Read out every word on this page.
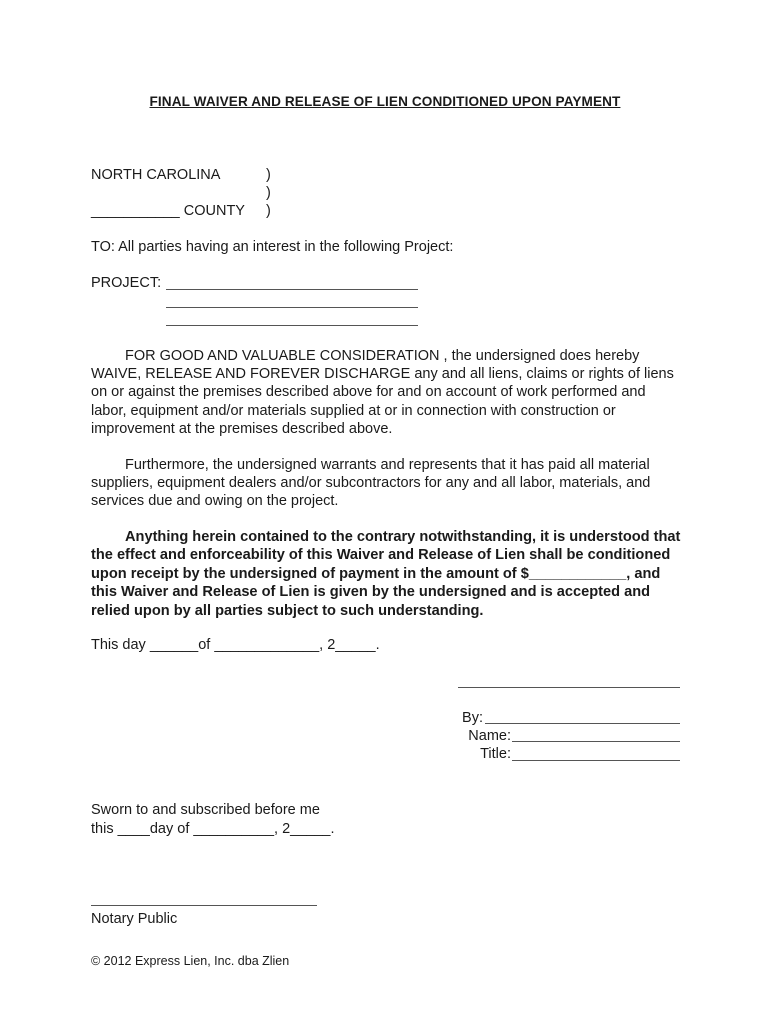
FINAL WAIVER AND RELEASE OF LIEN CONDITIONED UPON PAYMENT
NORTH CAROLINA	)
)
___________ COUNTY )
TO: All parties having an interest in the following Project:
PROJECT:
FOR GOOD AND VALUABLE CONSIDERATION , the undersigned does hereby WAIVE, RELEASE AND FOREVER DISCHARGE any and all liens, claims or rights of liens on or against the premises described above for and on account of work performed and labor, equipment and/or materials supplied at or in connection with construction or improvement at the premises described above.
Furthermore, the undersigned warrants and represents that it has paid all material suppliers, equipment dealers and/or subcontractors for any and all labor, materials, and services due and owing on the project.
Anything herein contained to the contrary notwithstanding, it is understood that the effect and enforceability of this Waiver and Release of Lien shall be conditioned upon receipt by the undersigned of payment in the amount of $____________, and this Waiver and Release of Lien is given by the undersigned and is accepted and relied upon by all parties subject to such understanding.
This day ______of _____________, 2_____.
By:
Name:
Title:
Sworn to and subscribed before me
this ____day of __________, 2_____.
Notary Public
© 2012 Express Lien, Inc. dba Zlien
